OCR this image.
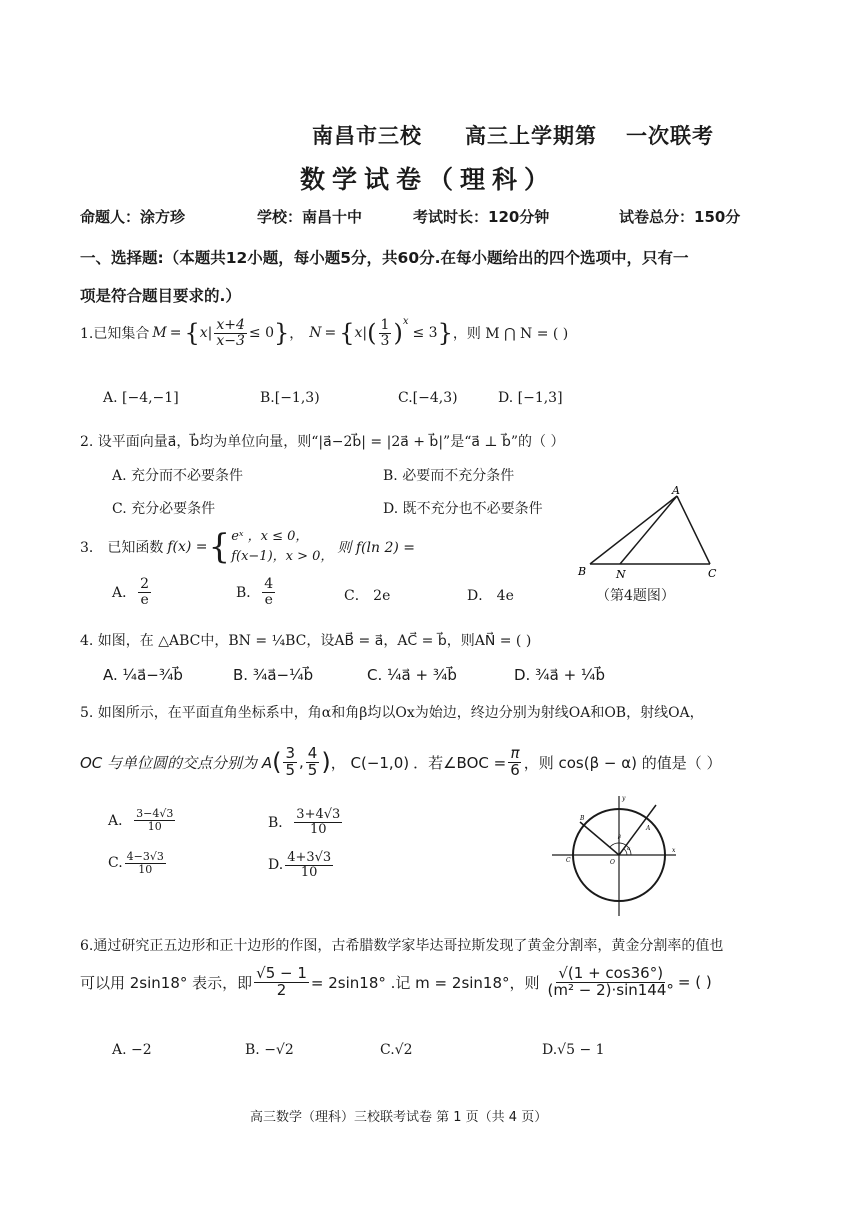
南昌市三校 高三上学期第 一次联考
数学试卷（理科）
命题人：涂方珍	学校：南昌十中	考试时长：120分钟	试卷总分：150分
一、选择题:（本题共12小题，每小题5分，共60分.在每小题给出的四个选项中，只有一
项是符合题目要求的.）
1.已知集合 M = { $x| \frac{x+4}{x-3} \le 0$ } ， N = { x| ( $\frac{1}{3}$ ) x
≤ 3 } ，则 M ⋂ N = ( )
A. [−4,−1]	B.[−1,3)	C.[−4,3)	D. [−1,3]
2. 设平面向量a⃗，b⃗均为单位向量，则“|a⃗−2b⃗| = |2a⃗ + b⃗|”是“a⃗ ⊥ b⃗”的（ ）
A. 充分而不必要条件	B. 必要而不充分条件
C. 充分必要条件	D. 既不充分也不必要条件
3． 已知函数 f(x) = { eˣ ，x ≤ 0，
f(x−1)，x > 0，
则 f(ln 2) =
A． $\frac{2}{e}$	B． $\frac{4}{e}$	C． 2e	D． 4e
A
B	N	C
（第4题图）
4. 如图，在 △ABC中，BN = ¼BC，设AB⃗ = a⃗，AC⃗ = b⃗，则AN⃗ = ( )
A. ¼a⃗−¾b⃗	B. ¾a⃗−¼b⃗	C. ¼a⃗ + ¾b⃗	D. ¾a⃗ + ¼b⃗
5. 如图所示，在平面直角坐标系中，角α和角β均以Ox为始边，终边分别为射线OA和OB，射线OA，
OC 与单位圆的交点分别为 A ( $\frac{3}{5}$ , $\frac{4}{5}$ ) ， C(−1,0) ．若∠BOC = $\frac{\pi}{6}$ ，则 cos(β − α) 的值是（ ）
A． $\frac{3-4√3}{10}$	B． $\frac{3+4√3}{10}$
C. $\frac{4-3√3}{10}$	D. $\frac{4+3√3}{10}$
x
y
O
A
B
C
α
β
6.通过研究正五边形和正十边形的作图，古希腊数学家毕达哥拉斯发现了黄金分割率，黄金分割率的值也
可以用 2sin18° 表示，即 $\frac{√5 - 1}{2} = 2\sin 18^\circ$ .记 m = 2sin18°，则 $\frac{√(1 + \cos 36^\circ)}{\text{(m² − 2)·sin144°}}$ = ( )
A. −2	B. −√2	C.√2	D.√5 − 1
高三数学（理科）三校联考试卷 第 1 页（共 4 页）
